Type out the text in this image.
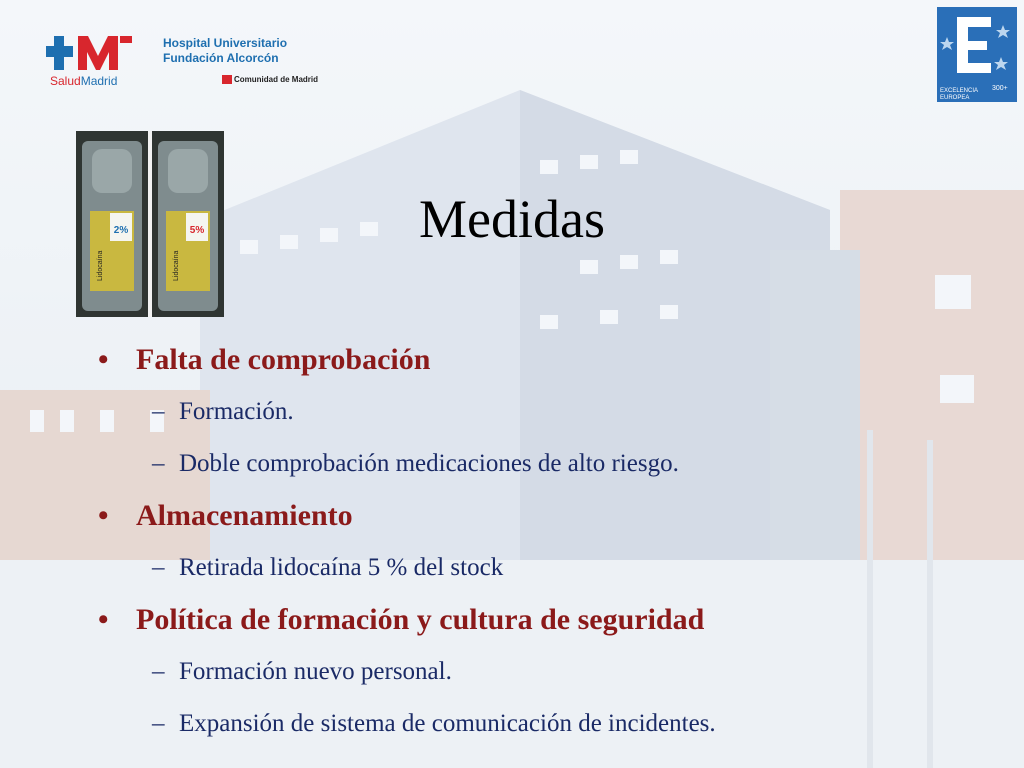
SaludMadrid
Hospital Universitario
Fundación Alcorcón
Comunidad de Madrid
EXCELENCIA
EUROPEA
300+
2%	5%
Lidocaína	Lidocaína
Medidas
• Falta de comprobación
– Formación.
– Doble comprobación medicaciones de alto riesgo.
• Almacenamiento
– Retirada lidocaína 5 % del stock
• Política de formación y cultura de seguridad
– Formación nuevo personal.
– Expansión de sistema de comunicación de incidentes.
